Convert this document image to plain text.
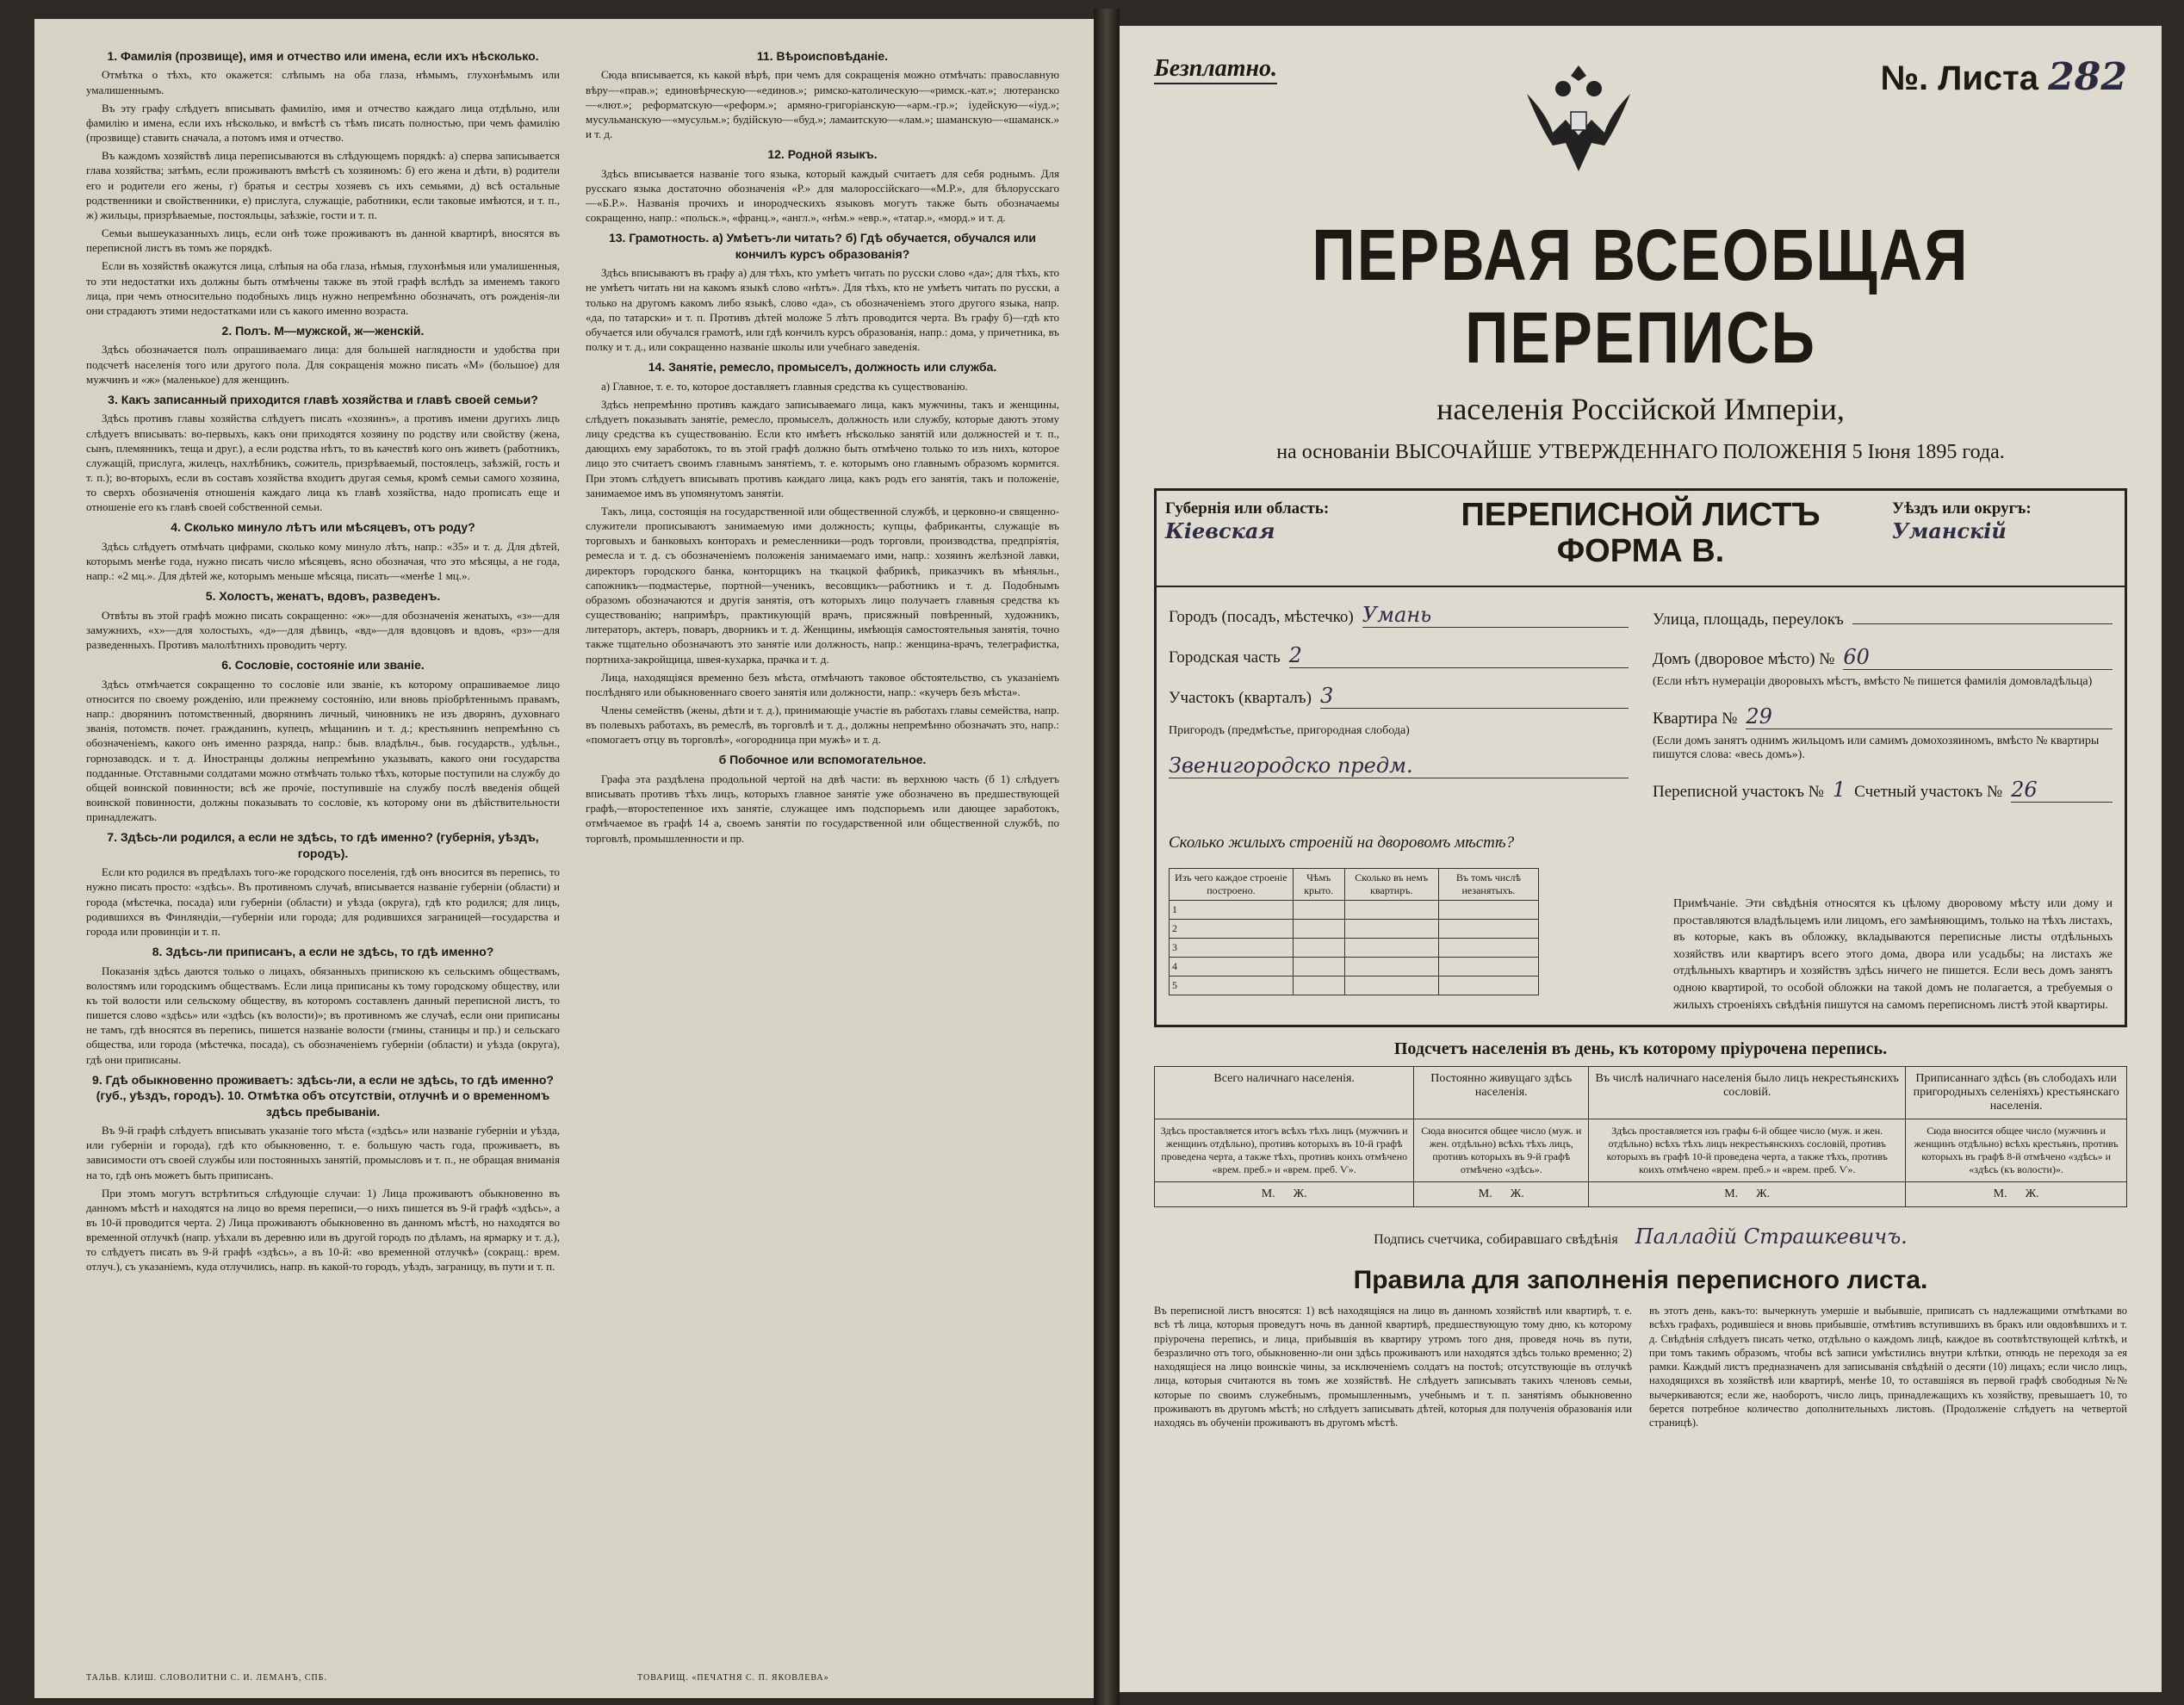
1. Фамилія (прозвище), имя и отчество или имена, если ихъ нѣсколько.

Отмѣтка о тѣхъ, кто окажется: слѣпымъ на оба глаза, нѣмымъ, глухонѣмымъ или умалишеннымъ.

Въ эту графу слѣдуетъ вписывать фамилію, имя и отчество каждаго лица отдѣльно, или фамилію и имена, если ихъ нѣсколько, и вмѣстѣ съ тѣмъ писать полностью, при чемъ фамилію (прозвище) ставить сначала, а потомъ имя и отчество.

Въ каждомъ хозяйствѣ лица переписываются въ слѣдующемъ порядкѣ: а) сперва записывается глава хозяйства; затѣмъ, если проживаютъ вмѣстѣ съ хозяиномъ: б) его жена и дѣти, в) родители его и родители его жены, г) братья и сестры хозяевъ съ ихъ семьями, д) всѣ остальные родственники и свойственники, е) прислуга, служащіе, работники, если таковые имѣются, и т. п., ж) жильцы, призрѣваемые, постояльцы, заѣзжіе, гости и т. п.

Семьи вышеуказанныхъ лицъ, если онѣ тоже проживаютъ въ данной квартирѣ, вносятся въ переписной листъ въ томъ же порядкѣ.

Если въ хозяйствѣ окажутся лица, слѣпыя на оба глаза, нѣмыя, глухонѣмыя или умалишенныя, то эти недостатки ихъ должны быть отмѣчены также въ этой графѣ вслѣдъ за именемъ такого лица, при чемъ относительно подобныхъ лицъ нужно непремѣнно обозначать, отъ рожденія-ли они страдаютъ этими недостатками или съ какого именно возраста.

2. Полъ. М—мужской, ж—женскій.

Здѣсь обозначается полъ опрашиваемаго лица: для большей наглядности и удобства при подсчетѣ населенія того или другого пола. Для сокращенія можно писать «М» (большое) для мужчинъ и «ж» (маленькое) для женщинъ.

3. Какъ записанный приходится главѣ хозяйства и главѣ своей семьи?

Здѣсь противъ главы хозяйства слѣдуетъ писать «хозяинъ», а противъ имени другихъ лицъ слѣдуетъ вписывать: во-первыхъ, какъ они приходятся хозяину по родству или свойству (жена, сынъ, племянникъ, теща и друг.), а если родства нѣтъ, то въ качествѣ кого онъ живетъ (работникъ, служащій, прислуга, жилецъ, нахлѣбникъ, сожитель, призрѣваемый, постоялецъ, заѣзжій, гость и т. п.); во-вторыхъ, если въ составъ хозяйства входитъ другая семья, кромѣ семьи самого хозяина, то сверхъ обозначенія отношенія каждаго лица къ главѣ хозяйства, надо прописать еще и отношеніе его къ главѣ своей собственной семьи.

4. Сколько минуло лѣтъ или мѣсяцевъ, отъ роду?

Здѣсь слѣдуетъ отмѣчать цифрами, сколько кому минуло лѣтъ, напр.: «35» и т. д. Для дѣтей, которымъ менѣе года, нужно писать число мѣсяцевъ, ясно обозначая, что это мѣсяцы, а не года, напр.: «2 мц.». Для дѣтей же, которымъ меньше мѣсяца, писать—«менѣе 1 мц.».

5. Холостъ, женатъ, вдовъ, разведенъ.

Отвѣты въ этой графѣ можно писать сокращенно: «ж»—для обозначенія женатыхъ, «з»—для замужнихъ, «х»—для холостыхъ, «д»—для дѣвицъ, «вд»—для вдовцовъ и вдовъ, «рз»—для разведенныхъ. Противъ малолѣтнихъ проводить черту.

6. Сословіе, состояніе или званіе.

Здѣсь отмѣчается сокращенно то сословіе или званіе, къ которому опрашиваемое лицо относится по своему рожденію, или прежнему состоянію, или вновь пріобрѣтеннымъ правамъ, напр.: дворянинъ потомственный, дворянинъ личный, чиновникъ не изъ дворянъ, духовнаго званія, потомств. почет. гражданинъ, купецъ, мѣщанинъ и т. д.; крестьянинъ непремѣнно съ обозначеніемъ, какого онъ именно разряда, напр.: быв. владѣльч., быв. государств., удѣльн., горнозаводск. и т. д. Иностранцы должны непремѣнно указывать, какого они государства подданные. Отставными солдатами можно отмѣчать только тѣхъ, которые поступили на службу до общей воинской повинности; всѣ же прочіе, поступившіе на службу послѣ введенія общей воинской повинности, должны показывать то сословіе, къ которому они въ дѣйствительности принадлежатъ.

7. Здѣсь-ли родился, а если не здѣсь, то гдѣ именно? (губернія, уѣздъ, городъ).

Если кто родился въ предѣлахъ того-же городского поселенія, гдѣ онъ вносится въ перепись, то нужно писать просто: «здѣсь». Въ противномъ случаѣ, вписывается названіе губерніи (области) и города (мѣстечка, посада) или губерніи (области) и уѣзда (округа), гдѣ кто родился; для лицъ, родившихся въ Финляндіи,—губерніи или города; для родившихся заграницей—государства и города или провинціи и т. п.

8. Здѣсь-ли приписанъ, а если не здѣсь, то гдѣ именно?

Показанія здѣсь даются только о лицахъ, обязанныхъ припискою къ сельскимъ обществамъ, волостямъ или городскимъ обществамъ. Если лица приписаны къ тому городскому обществу, или къ той волости или сельскому обществу, въ которомъ составленъ данный переписной листъ, то пишется слово «здѣсь» или «здѣсь (къ волости)»; въ противномъ же случаѣ, если они приписаны не тамъ, гдѣ вносятся въ перепись, пишется названіе волости (гмины, станицы и пр.) и сельскаго общества, или города (мѣстечка, посада), съ обозначеніемъ губерніи (области) и уѣзда (округа), гдѣ они приписаны.

9. Гдѣ обыкновенно проживаетъ: здѣсь-ли, а если не здѣсь, то гдѣ именно? (губ., уѣздъ, городъ). 10. Отмѣтка объ отсутствіи, отлучнѣ и о временномъ здѣсь пребываніи.

Въ 9-й графѣ слѣдуетъ вписывать указаніе того мѣста («здѣсь» или названіе губерніи и уѣзда, или губерніи и города), гдѣ кто обыкновенно, т. е. большую часть года, проживаетъ, въ зависимости отъ своей службы или постоянныхъ занятій, промысловъ и т. п., не обращая вниманія на то, гдѣ онъ можетъ быть приписанъ.

При этомъ могутъ встрѣтиться слѣдующіе случаи: 1) Лица проживаютъ обыкновенно въ данномъ мѣстѣ и находятся на лицо во время переписи,—о нихъ пишется въ 9-й графѣ «здѣсь», а въ 10-й проводится черта. 2) Лица проживаютъ обыкновенно въ данномъ мѣстѣ, но находятся во временной отлучкѣ (напр. уѣхали въ деревню или въ другой городъ по дѣламъ, на ярмарку и т. д.), то слѣдуетъ писать въ 9-й графѣ «здѣсь», а въ 10-й: «во временной отлучкѣ» (сокращ.: врем. отлуч.), съ указаніемъ, куда отлучились, напр. въ какой-то городъ, уѣздъ, заграницу, въ пути и т. п.

11. Вѣроисповѣданіе.

Сюда вписывается, къ какой вѣрѣ, при чемъ для сокращенія можно отмѣчать: православную вѣру—«прав.»; единовѣрческую—«единов.»; римско-католическую—«римск.-кат.»; лютеранско—«лют.»; реформатскую—«реформ.»; армяно-григоріанскую—«арм.-гр.»; іудейскую—«іуд.»; мусульманскую—«мусульм.»; будійскую—«буд.»; ламаитскую—«лам.»; шаманскую—«шаманск.» и т. д.

12. Родной языкъ.

Здѣсь вписывается названіе того языка, который каждый считаетъ для себя роднымъ. Для русскаго языка достаточно обозначенія «Р.» для малороссійскаго—«М.Р.», для бѣлорусскаго—«Б.Р.». Названія прочихъ и инородческихъ языковъ могутъ также быть обозначаемы сокращенно, напр.: «польск.», «франц.», «англ.», «нѣм.» «евр.», «татар.», «морд.» и т. д.

13. Грамотность. а) Умѣетъ-ли читать? б) Гдѣ обучается, обучался или кончилъ курсъ образованія?

Здѣсь вписываютъ въ графу а) для тѣхъ, кто умѣетъ читать по русски слово «да»; для тѣхъ, кто не умѣетъ читать ни на какомъ языкѣ слово «нѣтъ». Для тѣхъ, кто не умѣетъ читать по русски, а только на другомъ какомъ либо языкѣ, слово «да», съ обозначеніемъ этого другого языка, напр. «да, по татарски» и т. п. Противъ дѣтей моложе 5 лѣтъ проводится черта. Въ графу б)—гдѣ кто обучается или обучался грамотѣ, или гдѣ кончилъ курсъ образованія, напр.: дома, у причетника, въ полку и т. д., или сокращенно названіе школы или учебнаго заведенія.

14. Занятіе, ремесло, промыселъ, должность или служба.

а) Главное, т. е. то, которое доставляетъ главныя средства къ существованію.

Здѣсь непремѣнно противъ каждаго записываемаго лица, какъ мужчины, такъ и женщины, слѣдуетъ показывать занятіе, ремесло, промыселъ, должность или службу, которые даютъ этому лицу средства къ существованію. Если кто имѣетъ нѣсколько занятій или должностей и т. п., дающихъ ему заработокъ, то въ этой графѣ должно быть отмѣчено только то изъ нихъ, которое лицо это считаетъ своимъ главнымъ занятіемъ, т. е. которымъ оно главнымъ образомъ кормится. При этомъ слѣдуетъ вписывать противъ каждаго лица, какъ родъ его занятія, такъ и положеніе, занимаемое имъ въ упомянутомъ занятіи.

Такъ, лица, состоящія на государственной или общественной службѣ, и церковно-и священно-служители прописываютъ занимаемую ими должность; купцы, фабриканты, служащіе въ торговыхъ и банковыхъ конторахъ и ремесленники—родъ торговли, производства, предпріятія, ремесла и т. д. съ обозначеніемъ положенія занимаемаго ими, напр.: хозяинъ желѣзной лавки, директоръ городского банка, конторщикъ на ткацкой фабрикѣ, приказчикъ въ мѣняльн., сапожникъ—подмастерье, портной—ученикъ, весовщикъ—работникъ и т. д. Подобнымъ образомъ обозначаются и другія занятія, отъ которыхъ лицо получаетъ главныя средства къ существованію; напримѣръ, практикующій врачъ, присяжный повѣренный, художникъ, литераторъ, актеръ, поваръ, дворникъ и т. д. Женщины, имѣющія самостоятельныя занятія, точно также тщательно обозначаютъ это занятіе или должность, напр.: женщина-врачъ, телеграфистка, портниха-закройщица, швея-кухарка, прачка и т. д.

Лица, находящіяся временно безъ мѣста, отмѣчаютъ таковое обстоятельство, съ указаніемъ послѣдняго или обыкновеннаго своего занятія или должности, напр.: «кучеръ безъ мѣста».

Члены семействъ (жены, дѣти и т. д.), принимающіе участіе въ работахъ главы семейства, напр. въ полевыхъ работахъ, въ ремеслѣ, въ торговлѣ и т. д., должны непремѣнно обозначать это, напр.: «помогаетъ отцу въ торговлѣ», «огородница при мужѣ» и т. д.

б Побочное или вспомогательное.

Графа эта раздѣлена продольной чертой на двѣ части: въ верхнюю часть (б 1) слѣдуетъ вписывать противъ тѣхъ лицъ, которыхъ главное занятіе уже обозначено въ предшествующей графѣ,—второстепенное ихъ занятіе, служащее имъ подспорьемъ или дающее заработокъ, отмѣчаемое въ графѣ 14 а, своемъ занятіи по государственной или общественной службѣ, по торговлѣ, промышленности и пр.

ТАЛЬВ. КЛИШ. СЛОВОЛИТНИ С. И. ЛЕМАНЪ, СПБ.	ТОВАРИЩ. «ПЕЧАТНЯ С. П. ЯКОВЛЕВА»
Безплатно.	№. Листа 282
ПЕРВАЯ ВСЕОБЩАЯ ПЕРЕПИСЬ
населенія Россійской Имперіи,
на основаніи ВЫСОЧАЙШЕ УТВЕРЖДЕННАГО ПОЛОЖЕНІЯ 5 Іюня 1895 года.
Губернія или область:
Кіевская	ПЕРЕПИСНОЙ ЛИСТЪ
ФОРМА В.
Уѣздъ или округъ:
Уманскій
Городъ (посадъ, мѣстечко) Умань
Городская часть 2
Участокъ (кварталъ) 3
Пригородъ (предмѣстье, пригородная слобода)
Звенигородско предм.
Улица, площадь, переулокъ
Домъ (дворовое мѣсто) № 60
(Если нѣтъ нумераціи дворовыхъ мѣстъ, вмѣсто № пишется фамилія домовладѣльца)
Квартира № 29
(Если домъ занятъ однимъ жильцомъ или самимъ домохозяиномъ, вмѣсто № квартиры пишутся слова: «весь домъ»).
Переписной участокъ № 1 Счетный участокъ № 26
Сколько жилыхъ строеній на дворовомъ мѣстѣ?
Изъ чего каждое строеніе построено.	Чѣмъ крыто.	Сколько въ немъ квартиръ.	Въ томъ числѣ незанятыхъ.
1			
2			
3			
4			
5			
Примѣчаніе. Эти свѣдѣнія относятся къ цѣлому дворовому мѣсту или дому и проставляются владѣльцемъ или лицомъ, его замѣняющимъ, только на тѣхъ листахъ, въ которые, какъ въ обложку, вкладываются переписные листы отдѣльныхъ хозяйствъ или квартиръ всего этого дома, двора или усадьбы; на листахъ же отдѣльныхъ квартиръ и хозяйствъ здѣсь ничего не пишется. Если весь домъ занятъ одною квартирой, то особой обложки на такой домъ не полагается, а требуемыя о жилыхъ строеніяхъ свѣдѣнія пишутся на самомъ переписномъ листѣ этой квартиры.
Подсчетъ населенія въ день, къ которому пріурочена перепись.
Всего наличнаго населенія.	Постоянно живущаго здѣсь населенія.	Въ числѣ наличнаго населенія было лицъ некрестьянскихъ сословій.	Приписаннаго здѣсь (въ слободахъ или пригородныхъ селеніяхъ) крестьянскаго населенія.
Здѣсь проставляется итогъ всѣхъ тѣхъ лицъ (мужчинъ и женщинъ отдѣльно), противъ которыхъ въ 10-й графѣ проведена черта, а также тѣхъ, противъ коихъ отмѣчено «врем. преб.» и «врем. преб. Ѵ».	Сюда вносится общее число (муж. и жен. отдѣльно) всѣхъ тѣхъ лицъ, противъ которыхъ въ 9-й графѣ отмѣчено «здѣсь».	Здѣсь проставляется изъ графы 6-й общее число (муж. и жен. отдѣльно) всѣхъ тѣхъ лицъ некрестьянскихъ сословій, противъ которыхъ въ графѣ 10-й проведена черта, а также тѣхъ, противъ коихъ отмѣчено «врем. преб.» и «врем. преб. Ѵ».	Сюда вносится общее число (мужчинъ и женщинъ отдѣльно) всѣхъ крестьянъ, противъ которыхъ въ графѣ 8-й отмѣчено «здѣсь» и «здѣсь (къ волости)».
М. Ж.	М. Ж.	М. Ж.	М. Ж.
Подпись счетчика, собиравшаго свѣдѣнія Палладій Страшкевичъ.
Правила для заполненія переписного листа.
Въ переписной листъ вносятся: 1) всѣ находящіяся на лицо въ данномъ хозяйствѣ или квартирѣ, т. е. всѣ тѣ лица, которыя проведутъ ночь въ данной квартирѣ, предшествующую тому дню, къ которому пріурочена перепись, и лица, прибывшія въ квартиру утромъ того дня, проведя ночь въ пути, безразлично отъ того, обыкновенно-ли они здѣсь проживаютъ или находятся здѣсь только временно; 2) находящіеся на лицо воинскіе чины, за исключеніемъ солдатъ на постоѣ; отсутствующіе въ отлучкѣ лица, которыя считаются въ томъ же хозяйствѣ. Не слѣдуетъ записывать такихъ членовъ семьи, которые по своимъ служебнымъ, промышленнымъ, учебнымъ и т. п. занятіямъ обыкновенно проживаютъ въ другомъ мѣстѣ; но слѣдуетъ записывать дѣтей, которыя для полученія образованія или находясь въ обученіи проживаютъ въ другомъ мѣстѣ.
въ этотъ день, какъ-то: вычеркнуть умершіе и выбывшіе, приписать съ надлежащими отмѣтками во всѣхъ графахъ, родившіеся и вновь прибывшіе, отмѣтивъ вступившихъ въ бракъ или овдовѣвшихъ и т. д. Свѣдѣнія слѣдуетъ писать четко, отдѣльно о каждомъ лицѣ, каждое въ соотвѣтствующей клѣткѣ, и при томъ такимъ образомъ, чтобы всѣ записи умѣстились внутри клѣтки, отнюдь не переходя за ея рамки. Каждый листъ предназначенъ для записыванія свѣдѣній о десяти (10) лицахъ; если число лицъ, находящихся въ хозяйствѣ или квартирѣ, менѣе 10, то оставшіяся въ первой графѣ свободныя №№ вычеркиваются; если же, наоборотъ, число лицъ, принадлежащихъ къ хозяйству, превышаетъ 10, то берется потребное количество дополнительныхъ листовъ. (Продолженіе слѣдуетъ на четвертой страницѣ).
